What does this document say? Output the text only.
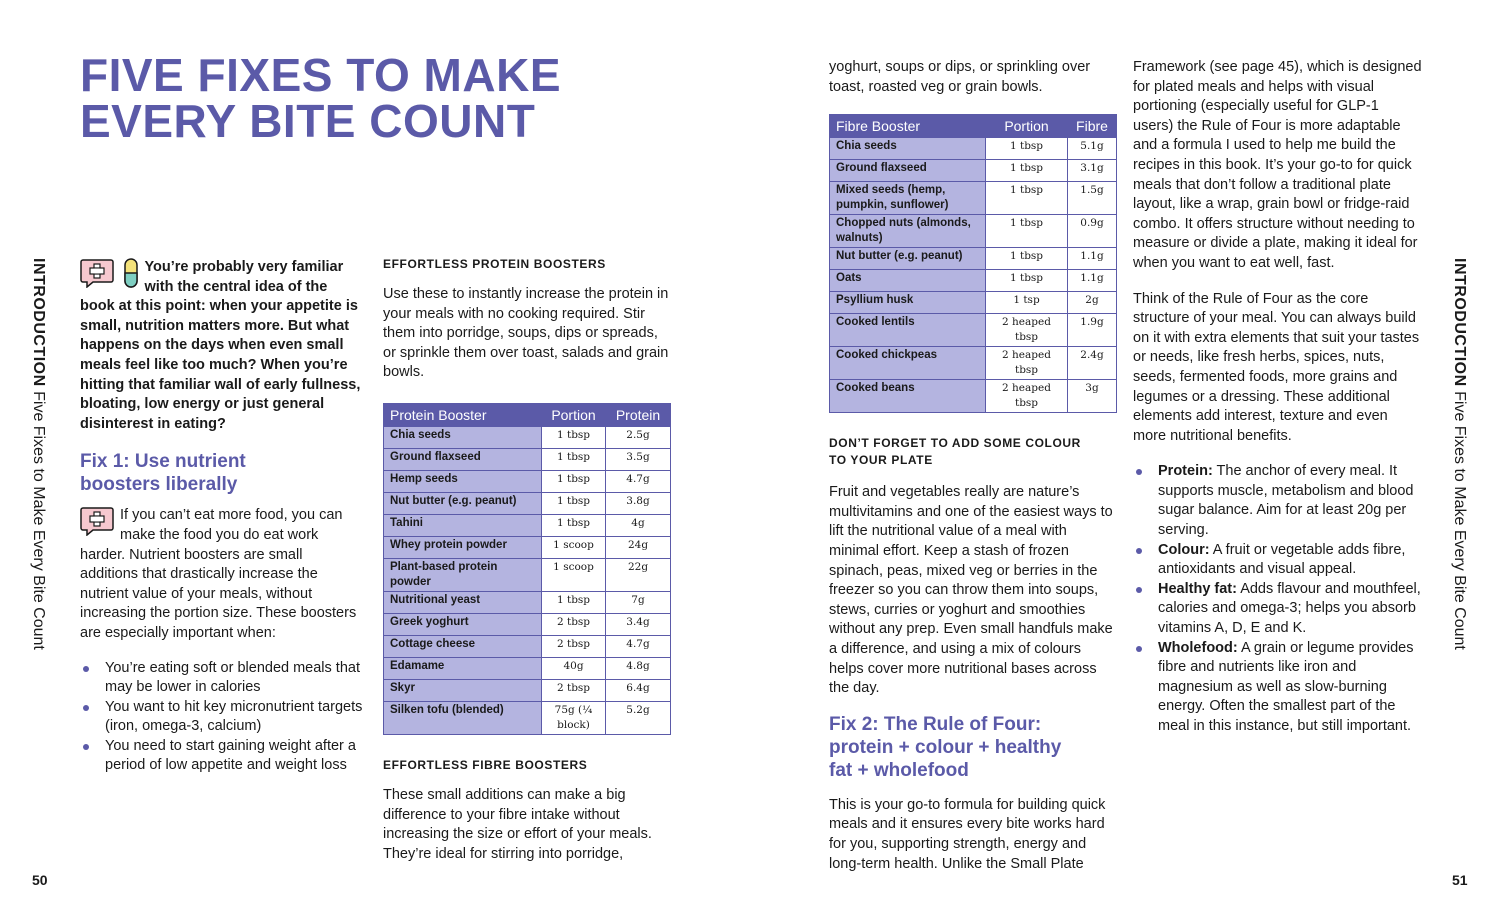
FIVE FIXES TO MAKE
EVERY BITE COUNT
INTRODUCTION Five Fixes to Make Every Bite Count
INTRODUCTION Five Fixes to Make Every Bite Count
50	51

You’re probably very familiar with the central idea of the book at this point: when your appetite is small, nutrition matters more. But what happens on the days when even small meals feel like too much? When you’re hitting that familiar wall of early fullness, bloating, low energy or just general disinterest in eating?

Fix 1: Use nutrient
boosters liberally

If you can’t eat more food, you can make the food you do eat work harder. Nutrient boosters are small additions that drastically increase the nutrient value of your meals, without increasing the portion size. These boosters are especially important when:

You’re eating soft or blended meals that may be lower in calories
You want to hit key micronutrient targets (iron, omega-3, calcium)
You need to start gaining weight after a period of low appetite and weight loss

EFFORTLESS PROTEIN BOOSTERS

Use these to instantly increase the protein in your meals with no cooking required. Stir them into porridge, soups, dips or spreads, or sprinkle them over toast, salads and grain bowls.

Protein Booster	Portion	Protein
Chia seeds	1 tbsp	2.5g
Ground flaxseed	1 tbsp	3.5g
Hemp seeds	1 tbsp	4.7g
Nut butter (e.g. peanut)	1 tbsp	3.8g
Tahini	1 tbsp	4g
Whey protein powder	1 scoop	24g
Plant-based protein powder	1 scoop	22g
Nutritional yeast	1 tbsp	7g
Greek yoghurt	2 tbsp	3.4g
Cottage cheese	2 tbsp	4.7g
Edamame	40g	4.8g
Skyr	2 tbsp	6.4g
Silken tofu (blended)	75g (¼ block)	5.2g

EFFORTLESS FIBRE BOOSTERS

These small additions can make a big difference to your fibre intake without increasing the size or effort of your meals. They’re ideal for stirring into porridge,

yoghurt, soups or dips, or sprinkling over toast, roasted veg or grain bowls.

Fibre Booster	Portion	Fibre
Chia seeds	1 tbsp	5.1g
Ground flaxseed	1 tbsp	3.1g
Mixed seeds (hemp, pumpkin, sunflower)	1 tbsp	1.5g
Chopped nuts (almonds, walnuts)	1 tbsp	0.9g
Nut butter (e.g. peanut)	1 tbsp	1.1g
Oats	1 tbsp	1.1g
Psyllium husk	1 tsp	2g
Cooked lentils	2 heaped tbsp	1.9g
Cooked chickpeas	2 heaped tbsp	2.4g
Cooked beans	2 heaped tbsp	3g

DON’T FORGET TO ADD SOME COLOUR
TO YOUR PLATE

Fruit and vegetables really are nature’s multivitamins and one of the easiest ways to lift the nutritional value of a meal with minimal effort. Keep a stash of frozen spinach, peas, mixed veg or berries in the freezer so you can throw them into soups, stews, curries or yoghurt and smoothies without any prep. Even small handfuls make a difference, and using a mix of colours helps cover more nutritional bases across the day.

Fix 2: The Rule of Four:
protein + colour + healthy
fat + wholefood

This is your go-to formula for building quick meals and it ensures every bite works hard for you, supporting strength, energy and long-term health. Unlike the Small Plate

Framework (see page 45), which is designed for plated meals and helps with visual portioning (especially useful for GLP-1 users) the Rule of Four is more adaptable and a formula I used to help me build the recipes in this book. It’s your go-to for quick meals that don’t follow a traditional plate layout, like a wrap, grain bowl or fridge-raid combo. It offers structure without needing to measure or divide a plate, making it ideal for when you want to eat well, fast.

Think of the Rule of Four as the core structure of your meal. You can always build on it with extra elements that suit your tastes or needs, like fresh herbs, spices, nuts, seeds, fermented foods, more grains and legumes or a dressing. These additional elements add interest, texture and even more nutritional benefits.

Protein: The anchor of every meal. It supports muscle, metabolism and blood sugar balance. Aim for at least 20g per serving.
Colour: A fruit or vegetable adds fibre, antioxidants and visual appeal.
Healthy fat: Adds flavour and mouthfeel, calories and omega-3; helps you absorb vitamins A, D, E and K.
Wholefood: A grain or legume provides fibre and nutrients like iron and magnesium as well as slow-burning energy. Often the smallest part of the meal in this instance, but still important.
